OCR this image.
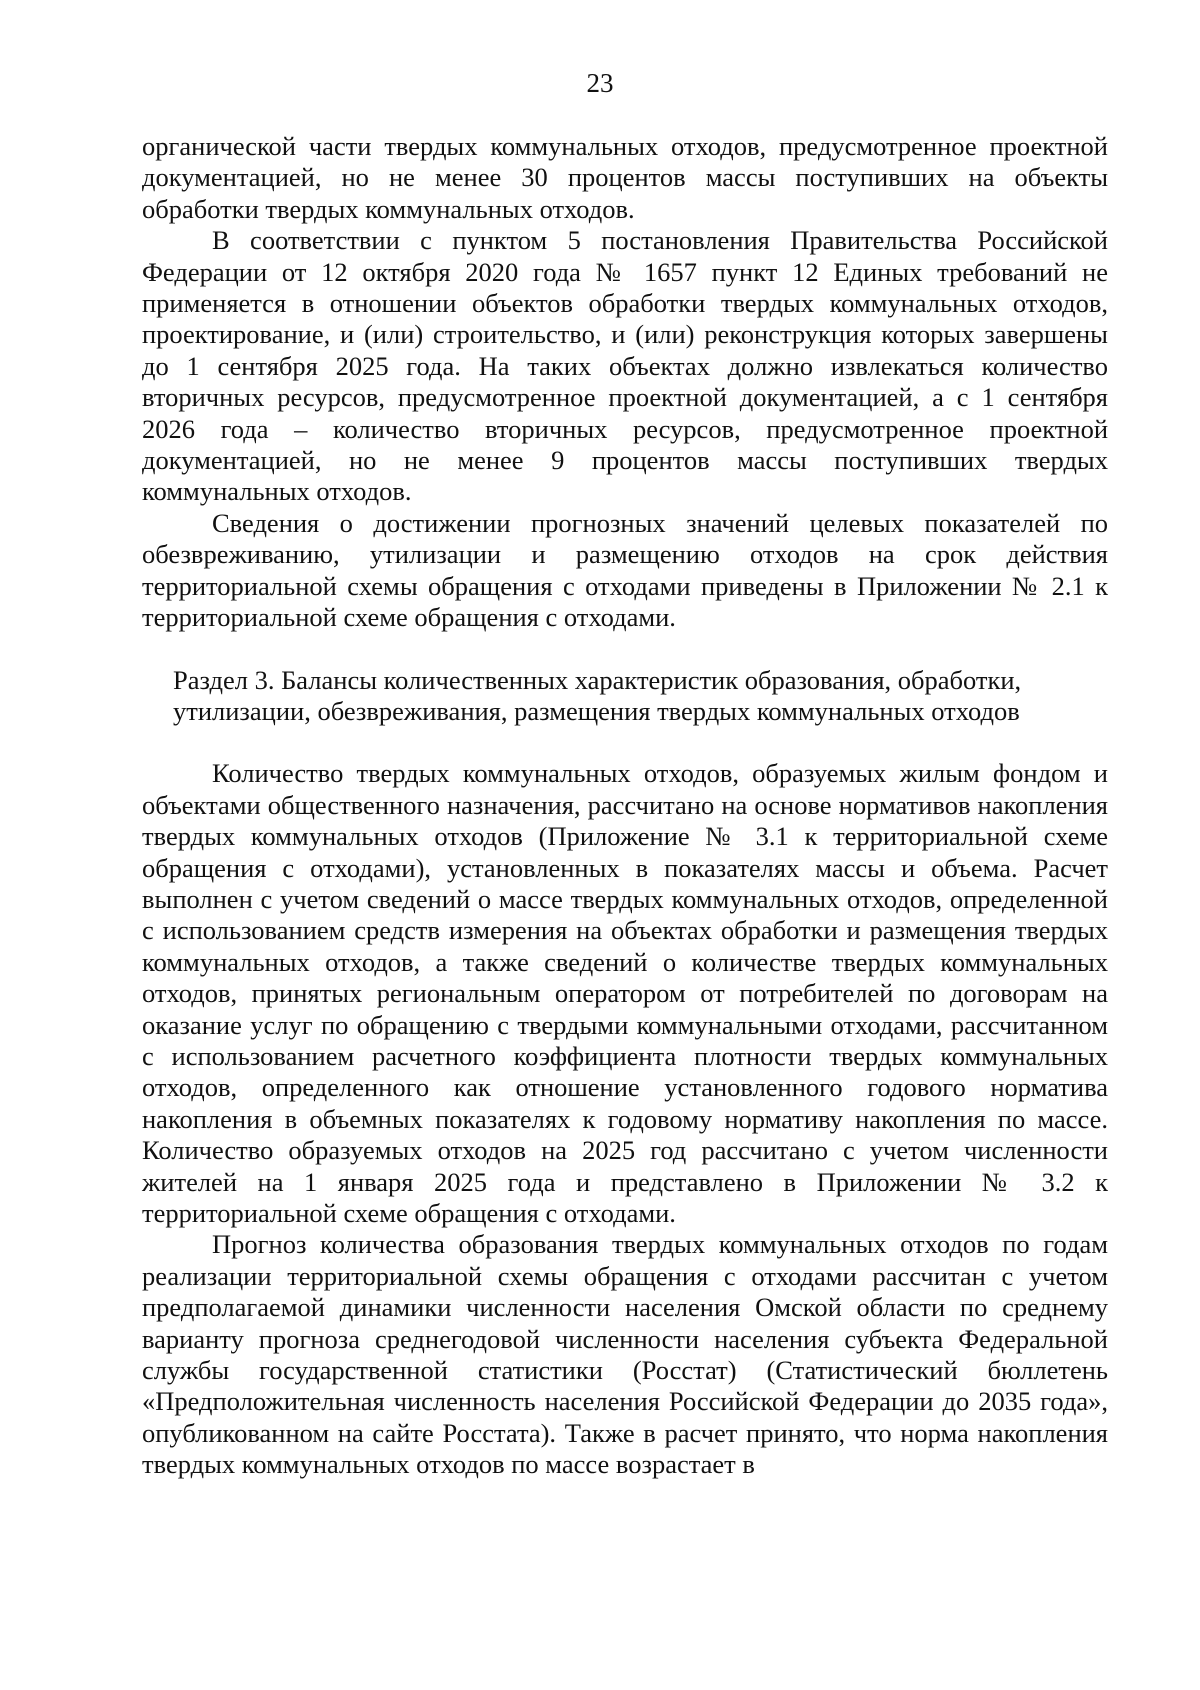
23

органической части твердых коммунальных отходов, предусмотренное проектной документацией, но не менее 30 процентов массы поступивших на объекты обработки твердых коммунальных отходов.

В соответствии с пунктом 5 постановления Правительства Российской Федерации от 12 октября 2020 года № 1657 пункт 12 Единых требований не применяется в отношении объектов обработки твердых коммунальных отходов, проектирование, и (или) строительство, и (или) реконструкция которых завершены до 1 сентября 2025 года. На таких объектах должно извлекаться количество вторичных ресурсов, предусмотренное проектной документацией, а с 1 сентября 2026 года – количество вторичных ресурсов, предусмотренное проектной документацией, но не менее 9 процентов массы поступивших твердых коммунальных отходов.

Сведения о достижении прогнозных значений целевых показателей по обезвреживанию, утилизации и размещению отходов на срок действия территориальной схемы обращения с отходами приведены в Приложении № 2.1 к территориальной схеме обращения с отходами.

Раздел 3. Балансы количественных характеристик образования, обработки,
утилизации, обезвреживания, размещения твердых коммунальных отходов

Количество твердых коммунальных отходов, образуемых жилым фондом и объектами общественного назначения, рассчитано на основе нормативов накопления твердых коммунальных отходов (Приложение № 3.1 к территориальной схеме обращения с отходами), установленных в показателях массы и объема. Расчет выполнен с учетом сведений о массе твердых коммунальных отходов, определенной с использованием средств измерения на объектах обработки и размещения твердых коммунальных отходов, а также сведений о количестве твердых коммунальных отходов, принятых региональным оператором от потребителей по договорам на оказание услуг по обращению с твердыми коммунальными отходами, рассчитанном с использованием расчетного коэффициента плотности твердых коммунальных отходов, определенного как отношение установленного годового норматива накопления в объемных показателях к годовому нормативу накопления по массе. Количество образуемых отходов на 2025 год рассчитано с учетом численности жителей на 1 января 2025 года и представлено в Приложении № 3.2 к территориальной схеме обращения с отходами.

Прогноз количества образования твердых коммунальных отходов по годам реализации территориальной схемы обращения с отходами рассчитан с учетом предполагаемой динамики численности населения Омской области по среднему варианту прогноза среднегодовой численности населения субъекта Федеральной службы государственной статистики (Росстат) (Статистический бюллетень «Предположительная численность населения Российской Федерации до 2035 года», опубликованном на сайте Росстата). Также в расчет принято, что норма накопления твердых коммунальных отходов по массе возрастает в
